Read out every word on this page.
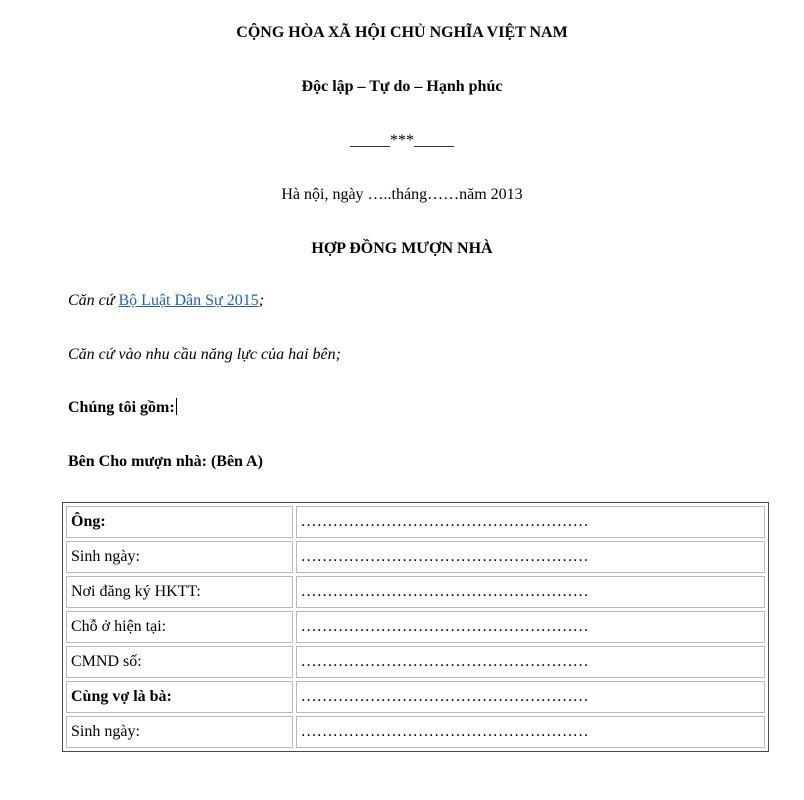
CỘNG HÒA XÃ HỘI CHỦ NGHĨA VIỆT NAM
Độc lập – Tự do – Hạnh phúc
_____***_____
Hà nội, ngày …..tháng……năm 2013
HỢP ĐỒNG MƯỢN NHÀ
Căn cứ Bộ Luật Dân Sự 2015;
Căn cứ vào nhu cầu năng lực của hai bên;
Chúng tôi gồm:
Bên Cho mượn nhà: (Bên A)
Ông:	………………………………………………
Sinh ngày:	………………………………………………
Nơi đăng ký HKTT:	………………………………………………
Chỗ ở hiện tại:	………………………………………………
CMND số:	………………………………………………
Cùng vợ là bà:	………………………………………………
Sinh ngày:	………………………………………………
